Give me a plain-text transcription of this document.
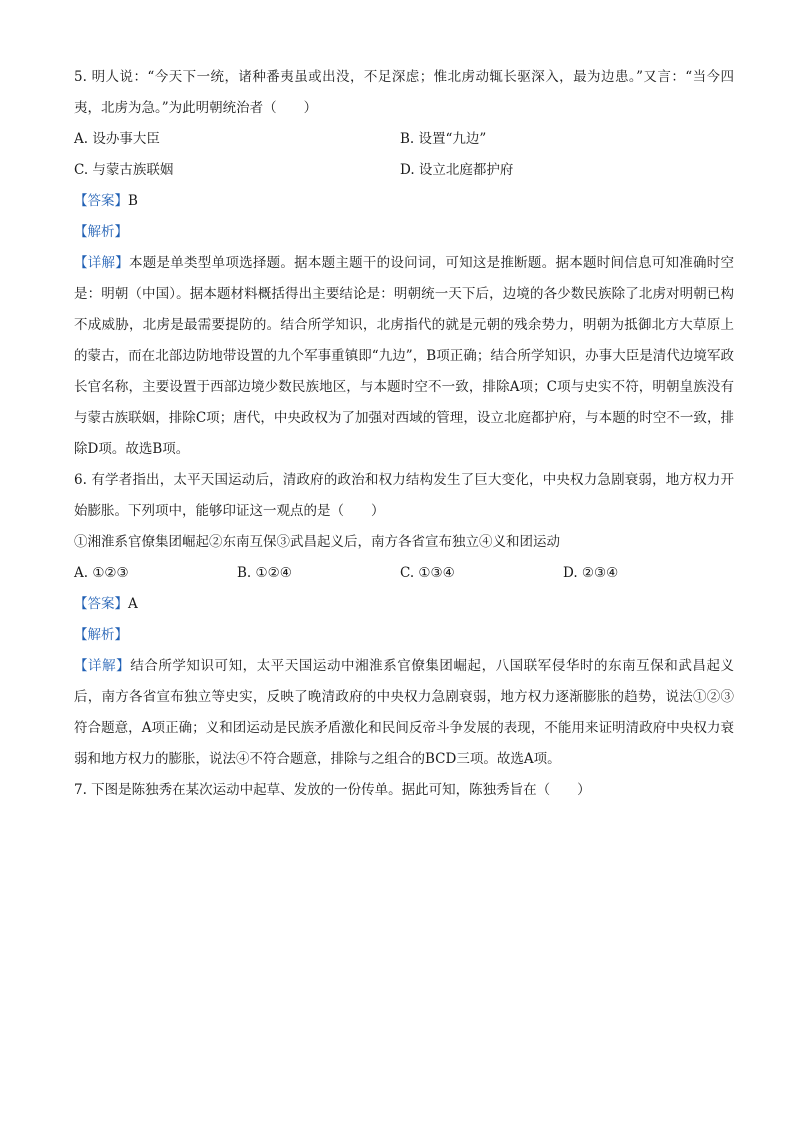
5. 明人说：“今天下一统，诸种番夷虽或出没，不足深虑；惟北虏动辄长驱深入，最为边患。”又言：“当今四夷，北虏为急。”为此明朝统治者（　　）
A. 设办事大臣	B. 设置“九边”
C. 与蒙古族联姻	D. 设立北庭都护府
【答案】B
【解析】
【详解】本题是单类型单项选择题。据本题主题干的设问词，可知这是推断题。据本题时间信息可知准确时空是：明朝（中国）。据本题材料概括得出主要结论是：明朝统一天下后，边境的各少数民族除了北虏对明朝已构不成威胁，北虏是最需要提防的。结合所学知识，北虏指代的就是元朝的残余势力，明朝为抵御北方大草原上的蒙古，而在北部边防地带设置的九个军事重镇即“九边”，B项正确；结合所学知识，办事大臣是清代边境军政长官名称，主要设置于西部边境少数民族地区，与本题时空不一致，排除A项；C项与史实不符，明朝皇族没有与蒙古族联姻，排除C项；唐代，中央政权为了加强对西域的管理，设立北庭都护府，与本题的时空不一致，排除D项。故选B项。
6. 有学者指出，太平天国运动后，清政府的政治和权力结构发生了巨大变化，中央权力急剧衰弱，地方权力开始膨胀。下列项中，能够印证这一观点的是（　　）
①湘淮系官僚集团崛起②东南互保③武昌起义后，南方各省宣布独立④义和团运动
A. ①②③	B. ①②④	C. ①③④	D. ②③④
【答案】A
【解析】
【详解】结合所学知识可知，太平天国运动中湘淮系官僚集团崛起，八国联军侵华时的东南互保和武昌起义后，南方各省宣布独立等史实，反映了晚清政府的中央权力急剧衰弱，地方权力逐渐膨胀的趋势，说法①②③符合题意，A项正确；义和团运动是民族矛盾激化和民间反帝斗争发展的表现，不能用来证明清政府中央权力衰弱和地方权力的膨胀，说法④不符合题意，排除与之组合的BCD三项。故选A项。
7. 下图是陈独秀在某次运动中起草、发放的一份传单。据此可知，陈独秀旨在（　　）
